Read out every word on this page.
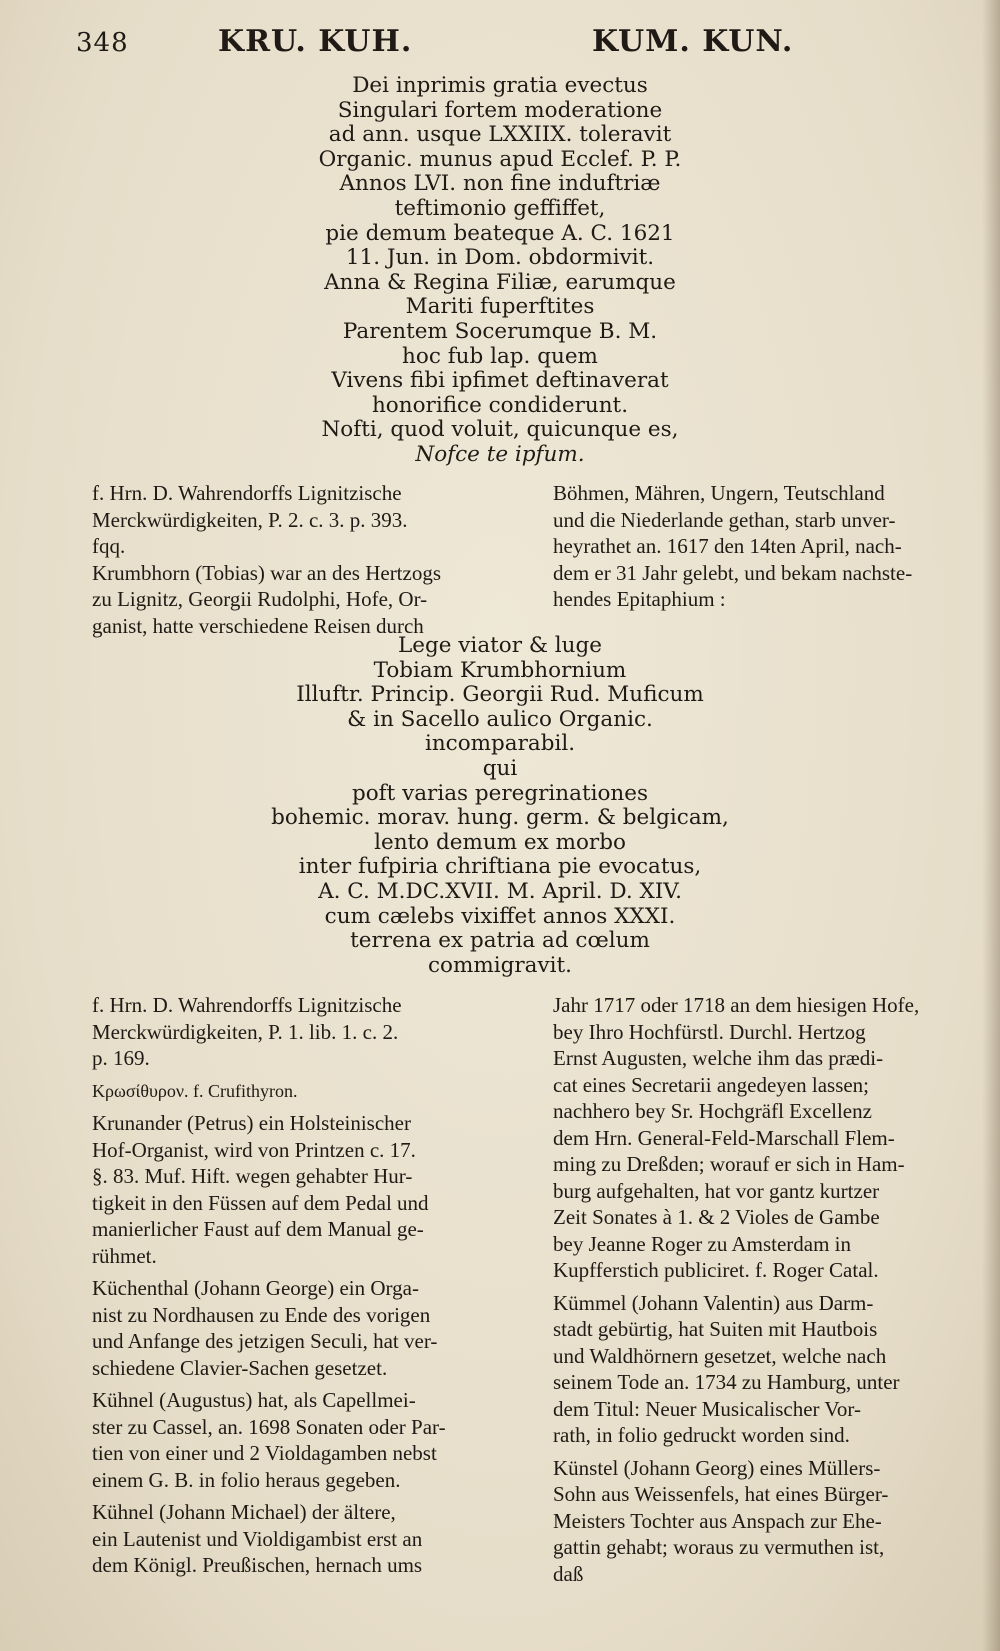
348	KRU. KUH.	KUM. KUN.
Dei inprimis gratia evectus
Singulari fortem moderatione
ad ann. usque LXXIIX. toleravit
Organic. munus apud Ecclef. P. P.
Annos LVI. non fine induftriæ
teftimonio geffiffet,
pie demum beateque A. C. 1621
11. Jun. in Dom. obdormivit.
Anna & Regina Filiæ, earumque
Mariti fuperftites
Parentem Socerumque B. M.
hoc fub lap. quem
Vivens fibi ipfimet deftinaverat
honorifice condiderunt.
Nofti, quod voluit, quicunque es,
Nofce te ipfum.

f. Hrn. D. Wahrendorffs Lignitzische

Merckwürdigkeiten, P. 2. c. 3. p. 393.

fqq.

Krumbhorn (Tobias) war an des Hertzogs

zu Lignitz, Georgii Rudolphi, Hofe, Or-

ganist, hatte verschiedene Reisen durch

Böhmen, Mähren, Ungern, Teutschland

und die Niederlande gethan, starb unver-

heyrathet an. 1617 den 14ten April, nach-

dem er 31 Jahr gelebt, und bekam nachste-

hendes Epitaphium :

Lege viator & luge
Tobiam Krumbhornium
Illuftr. Princip. Georgii Rud. Muficum
& in Sacello aulico Organic.
incomparabil.
qui
poft varias peregrinationes
bohemic. morav. hung. germ. & belgicam,
lento demum ex morbo
inter fufpiria chriftiana pie evocatus,
A. C. M.DC.XVII. M. April. D. XIV.
cum cælebs vixiffet annos XXXI.
terrena ex patria ad cœlum
commigravit.

f. Hrn. D. Wahrendorffs Lignitzische

Merckwürdigkeiten, P. 1. lib. 1. c. 2.

p. 169.

Κρωσίθυρον. f. Crufithyron.

Krunander (Petrus) ein Holsteinischer

Hof-Organist, wird von Printzen c. 17.

§. 83. Muf. Hift. wegen gehabter Hur-

tigkeit in den Füssen auf dem Pedal und

manierlicher Faust auf dem Manual ge-

rühmet.

Küchenthal (Johann George) ein Orga-

nist zu Nordhausen zu Ende des vorigen

und Anfange des jetzigen Seculi, hat ver-

schiedene Clavier-Sachen gesetzet.

Kühnel (Augustus) hat, als Capellmei-

ster zu Cassel, an. 1698 Sonaten oder Par-

tien von einer und 2 Violdagamben nebst

einem G. B. in folio heraus gegeben.

Kühnel (Johann Michael) der ältere,

ein Lautenist und Violdigambist erst an

dem Königl. Preußischen, hernach ums

Jahr 1717 oder 1718 an dem hiesigen Hofe,

bey Ihro Hochfürstl. Durchl. Hertzog

Ernst Augusten, welche ihm das prædi-

cat eines Secretarii angedeyen lassen;

nachhero bey Sr. Hochgräfl Excellenz

dem Hrn. General-Feld-Marschall Flem-

ming zu Dreßden; worauf er sich in Ham-

burg aufgehalten, hat vor gantz kurtzer

Zeit Sonates à 1. & 2 Violes de Gambe

bey Jeanne Roger zu Amsterdam in

Kupfferstich publiciret. f. Roger Catal.

Kümmel (Johann Valentin) aus Darm-

stadt gebürtig, hat Suiten mit Hautbois

und Waldhörnern gesetzet, welche nach

seinem Tode an. 1734 zu Hamburg, unter

dem Titul: Neuer Musicalischer Vor-

rath, in folio gedruckt worden sind.

Künstel (Johann Georg) eines Müllers-

Sohn aus Weissenfels, hat eines Bürger-

Meisters Tochter aus Anspach zur Ehe-

gattin gehabt; woraus zu vermuthen ist,

daß
